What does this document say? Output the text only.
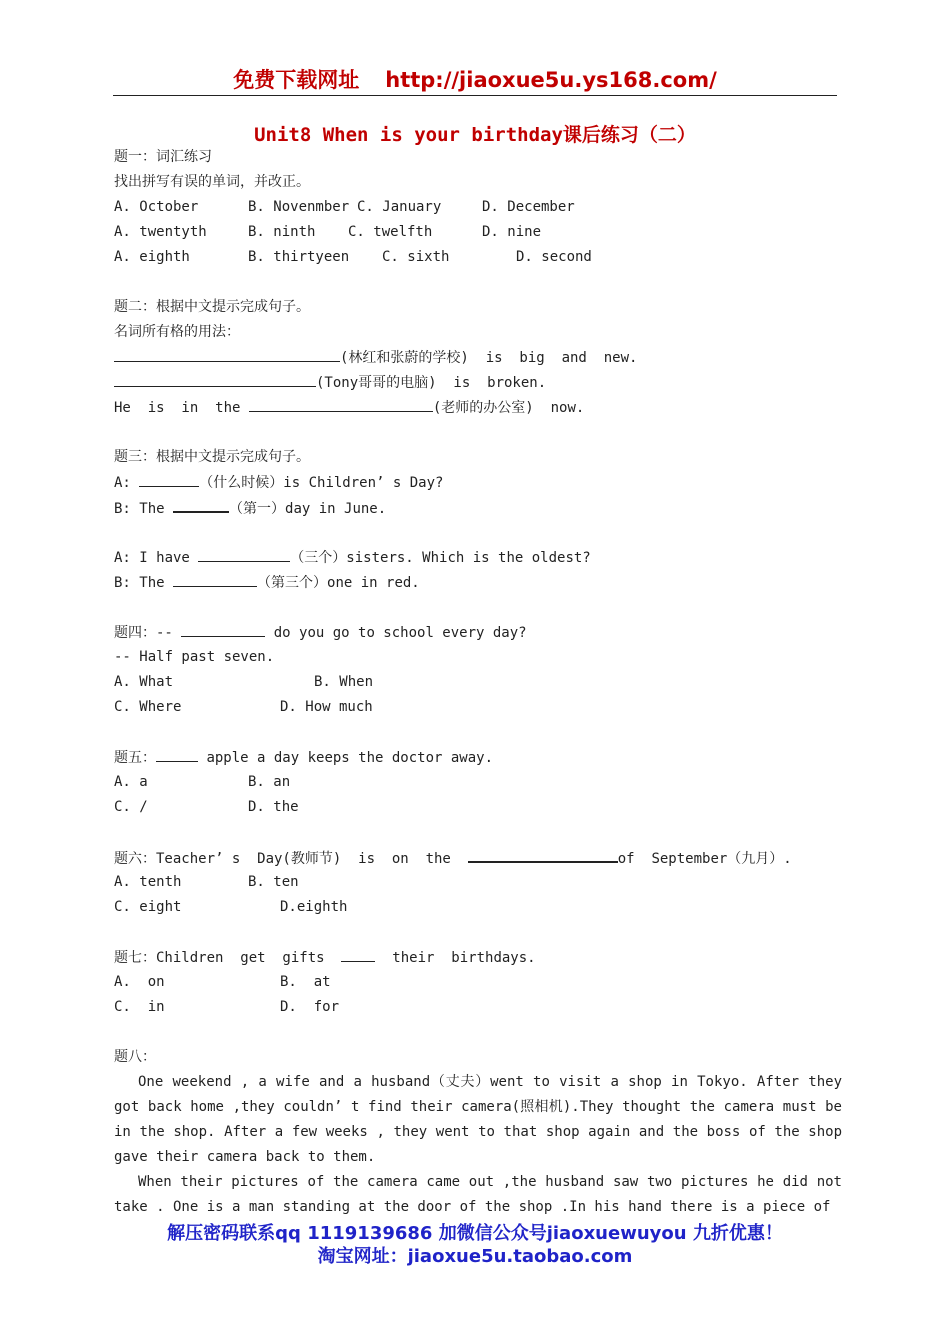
免费下载网址 http://jiaoxue5u.ys168.com/
Unit8 When is your birthday课后练习（二）
题一：词汇练习
找出拼写有误的单词，并改正。
A. October	B. Novenmber C. January	D. December
A. twentyth	B. ninth C. twelfth	D. nine
A. eighth	B. thirtyeen C. sixth	D. second
题二：根据中文提示完成句子。
名词所有格的用法：
(林红和张蔚的学校)  is  big  and  new.
(Tony哥哥的电脑)  is  broken.
He  is  in  the	(老师的办公室)  now.
题三：根据中文提示完成句子。
A:	（什么时候）is Children’ s Day?
B: The	（第一）day in June.
A: I have	（三个）sisters. Which is the oldest?
B: The	（第三个）one in red.
题四：--	do you go to school every day?
-- Half past seven.
A. What	B. When
C. Where	D. How much
题五：	apple a day keeps the doctor away.
A. a	B. an
C. /	D. the
题六：Teacher’ s  Day(教师节)  is  on  the	of  September（九月）.
A. tenth	B. ten
C. eight	D.eighth
题七：Children  get  gifts	their  birthdays.
A.  on	B.  at
C.  in	D.  for
题八：
One weekend , a wife and a husband（丈夫）went to visit a shop in Tokyo. After they got back home ,they couldn’ t find their camera(照相机).They thought the camera must be in the shop. After a few weeks , they went to that shop again and the boss of the shop gave their camera back to them.
When their pictures of the camera came out ,the husband saw two pictures he did not take . One is a man standing at the door of the shop .In his hand there is a piece of
解压密码联系qq 1119139686 加微信公众号jiaoxuewuyou 九折优惠！
淘宝网址：jiaoxue5u.taobao.com
